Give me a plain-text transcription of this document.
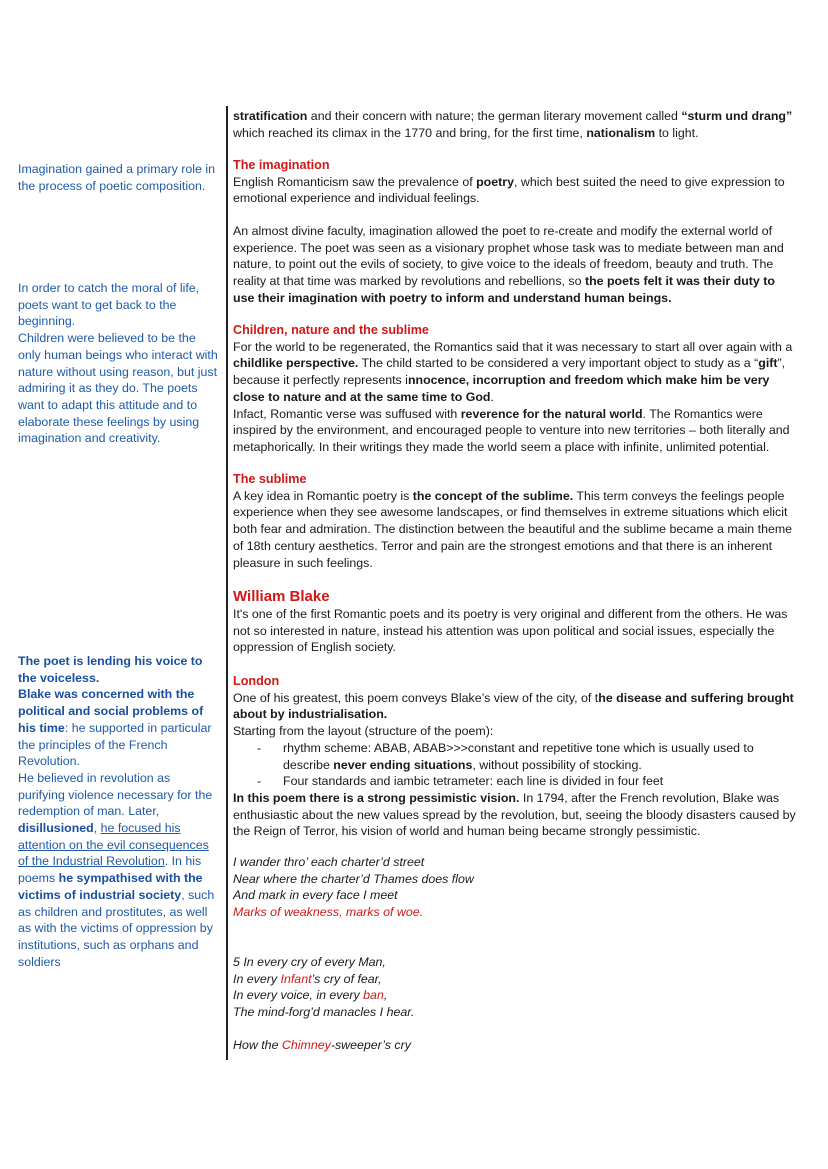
Imagination gained a primary role in the process of poetic composition.
In order to catch the moral of life, poets want to get back to the beginning.
Children were believed to be the only human beings who interact with nature without using reason, but just admiring it as they do. The poets want to adapt this attitude and to elaborate these feelings by using imagination and creativity.
The poet is lending his voice to the voiceless.
Blake was concerned with the political and social problems of his time: he supported in particular the principles of the French Revolution.
He believed in revolution as purifying violence necessary for the redemption of man. Later, disillusioned, he focused his attention on the evil consequences of the Industrial Revolution. In his poems he sympathised with the victims of industrial society, such as children and prostitutes, as well as with the victims of oppression by institutions, such as orphans and soldiers

stratification and their concern with nature; the german literary movement called “sturm und drang” which reached its climax in the 1770 and bring, for the first time, nationalism to light.

The imagination

English Romanticism saw the prevalence of poetry, which best suited the need to give expression to emotional experience and individual feelings.

An almost divine faculty, imagination allowed the poet to re-create and modify the external world of experience. The poet was seen as a visionary prophet whose task was to mediate between man and nature, to point out the evils of society, to give voice to the ideals of freedom, beauty and truth. The reality at that time was marked by revolutions and rebellions, so the poets felt it was their duty to use their imagination with poetry to inform and understand human beings.

Children, nature and the sublime

For the world to be regenerated, the Romantics said that it was necessary to start all over again with a childlike perspective. The child started to be considered a very important object to study as a “gift”, because it perfectly represents innocence, incorruption and freedom which make him be very close to nature and at the same time to God.

Infact, Romantic verse was suffused with reverence for the natural world. The Romantics were inspired by the environment, and encouraged people to venture into new territories – both literally and metaphorically. In their writings they made the world seem a place with infinite, unlimited potential.

The sublime

A key idea in Romantic poetry is the concept of the sublime. This term conveys the feelings people experience when they see awesome landscapes, or find themselves in extreme situations which elicit both fear and admiration. The distinction between the beautiful and the sublime became a main theme of 18th century aesthetics. Terror and pain are the strongest emotions and that there is an inherent pleasure in such feelings.

William Blake

It's one of the first Romantic poets and its poetry is very original and different from the others. He was not so interested in nature, instead his attention was upon political and social issues, especially the oppression of English society.

London

One of his greatest, this poem conveys Blake’s view of the city, of the disease and suffering brought about by industrialisation.

Starting from the layout (structure of the poem):

- rhythm scheme: ABAB, ABAB>>>constant and repetitive tone which is usually used to describe never ending situations, without possibility of stocking.
- Four standards and iambic tetrameter: each line is divided in four feet

In this poem there is a strong pessimistic vision. In 1794, after the French revolution, Blake was enthusiastic about the new values spread by the revolution, but, seeing the bloody disasters caused by the Reign of Terror, his vision of world and human being became strongly pessimistic.

I wander thro’ each charter’d street

Near where the charter’d Thames does flow

And mark in every face I meet

Marks of weakness, marks of woe.

5 In every cry of every Man,

In every Infant’s cry of fear,

In every voice, in every ban,

The mind-forg’d manacles I hear.

How the Chimney-sweeper’s cry
